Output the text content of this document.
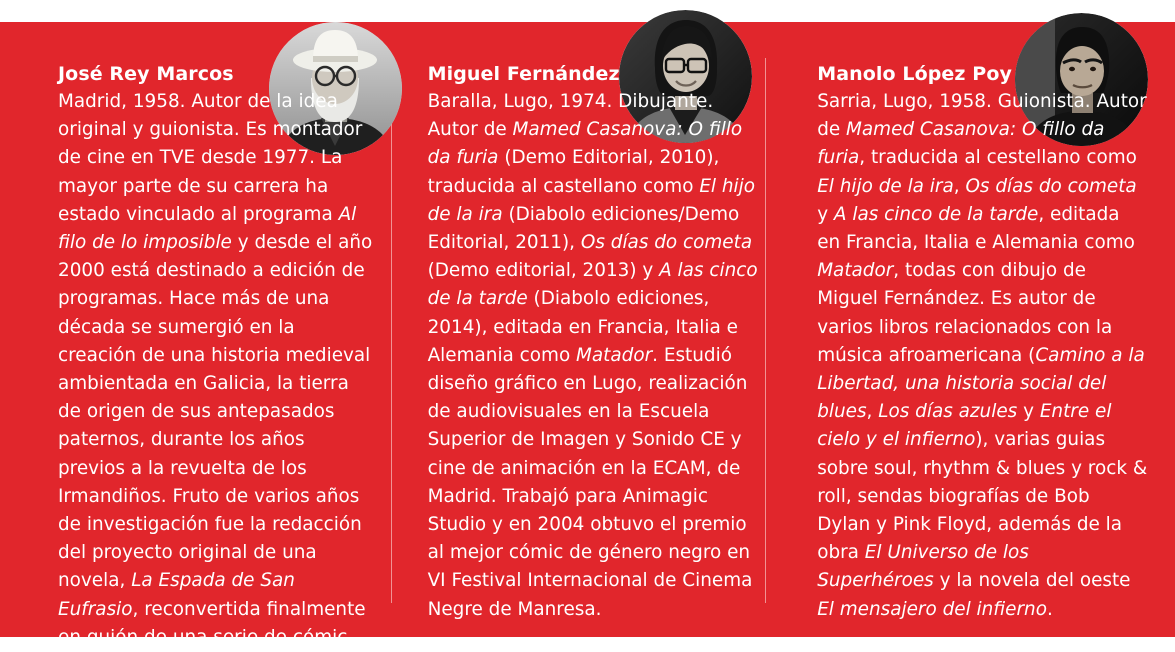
José Rey Marcos

Madrid, 1958. Autor de la idea original y guionista. Es montador de cine en TVE desde 1977. La mayor parte de su carrera ha estado vinculado al programa Al filo de lo imposible y desde el año 2000 está destinado a edición de programas. Hace más de una década se sumergió en la creación de una historia medieval ambientada en Galicia, la tierra de origen de sus antepasados paternos, durante los años previos a la revuelta de los Irmandiños. Fruto de varios años de investigación fue la redacción del proyecto original de una novela, La Espada de San Eufrasio, reconvertida finalmente en guión de una serie de cómic.

Miguel Fernández

Baralla, Lugo, 1974. Dibujante. Autor de Mamed Casanova: O fillo da furia (Demo Editorial, 2010), traducida al castellano como El hijo de la ira (Diabolo ediciones/Demo Editorial, 2011), Os días do cometa (Demo editorial, 2013) y A las cinco de la tarde (Diabolo ediciones, 2014), editada en Francia, Italia e Alemania como Matador. Estudió diseño gráfico en Lugo, realización de audiovisuales en la Escuela Superior de Imagen y Sonido CE y cine de animación en la ECAM, de Madrid. Trabajó para Animagic Studio y en 2004 obtuvo el premio  al mejor cómic de género negro en VI Festival Internacional de Cinema Negre de Manresa.

Manolo López Poy

Sarria, Lugo, 1958. Guionista. Autor de Mamed Casanova: O fillo da furia, traducida al cestellano como El hijo de la ira, Os días do cometa y A las cinco de la tarde, editada en Francia, Italia e Alemania como Matador, todas con dibujo de Miguel Fernández. Es autor de varios libros relacionados con la música afroamericana (Camino a la Libertad, una historia social del blues, Los días azules y Entre el cielo y el infierno), varias guias sobre soul, rhythm & blues y rock & roll, sendas biografías de Bob Dylan y Pink Floyd, además de la obra El Universo de los Superhéroes y la novela del oeste El mensajero del infierno.
